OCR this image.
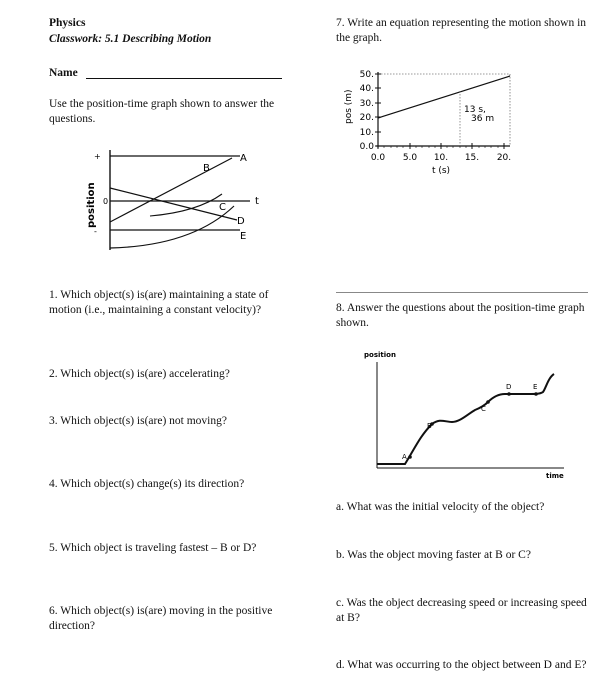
Physics
Classwork: 5.1 Describing Motion
Name
Use the position-time graph shown to answer the questions.
+
0
-
t
A
B
C
D
E
position
1. Which object(s) is(are) maintaining a state of motion (i.e., maintaining a constant velocity)?
2. Which object(s) is(are) accelerating?
3. Which object(s) is(are) not moving?
4. Which object(s) change(s) its direction?
5. Which object is traveling fastest – B or D?
6. Which object(s) is(are) moving in the positive direction?
7. Write an equation representing the motion shown in the graph.
13 s,
36 m
50.
40.
30.
20.
10.
0.0
0.0 5.0 10. 15. 20.
t (s)
pos (m)
8. Answer the questions about the position-time graph shown.
position
time
A
B
C
D	E
a. What was the initial velocity of the object?
b. Was the object moving faster at B or C?
c. Was the object decreasing speed or increasing speed at B?
d. What was occurring to the object between D and E?
